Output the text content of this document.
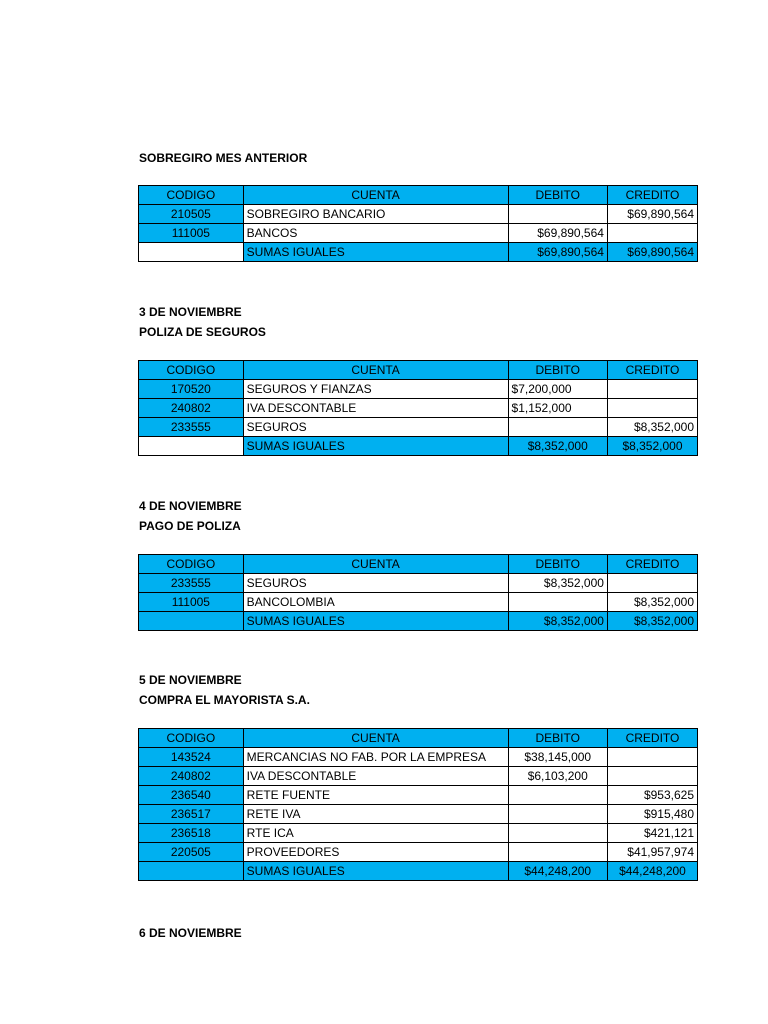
SOBREGIRO MES ANTERIOR
CODIGO	CUENTA	DEBITO	CREDITO
210505	SOBREGIRO BANCARIO		$69,890,564
111005	BANCOS	$69,890,564	
	SUMAS IGUALES	$69,890,564	$69,890,564
3 DE NOVIEMBRE
POLIZA DE SEGUROS
CODIGO	CUENTA	DEBITO	CREDITO
170520	SEGUROS Y FIANZAS	$7,200,000	
240802	IVA DESCONTABLE	$1,152,000	
233555	SEGUROS		$8,352,000
	SUMAS IGUALES	$8,352,000	$8,352,000
4 DE NOVIEMBRE
PAGO DE POLIZA
CODIGO	CUENTA	DEBITO	CREDITO
233555	SEGUROS	$8,352,000	
111005	BANCOLOMBIA		$8,352,000
	SUMAS IGUALES	$8,352,000	$8,352,000
5 DE NOVIEMBRE
COMPRA EL MAYORISTA S.A.
CODIGO	CUENTA	DEBITO	CREDITO
143524	MERCANCIAS NO FAB. POR LA EMPRESA	$38,145,000	
240802	IVA DESCONTABLE	$6,103,200	
236540	RETE FUENTE		$953,625
236517	RETE IVA		$915,480
236518	RTE ICA		$421,121
220505	PROVEEDORES		$41,957,974
	SUMAS IGUALES	$44,248,200	$44,248,200
6 DE NOVIEMBRE
